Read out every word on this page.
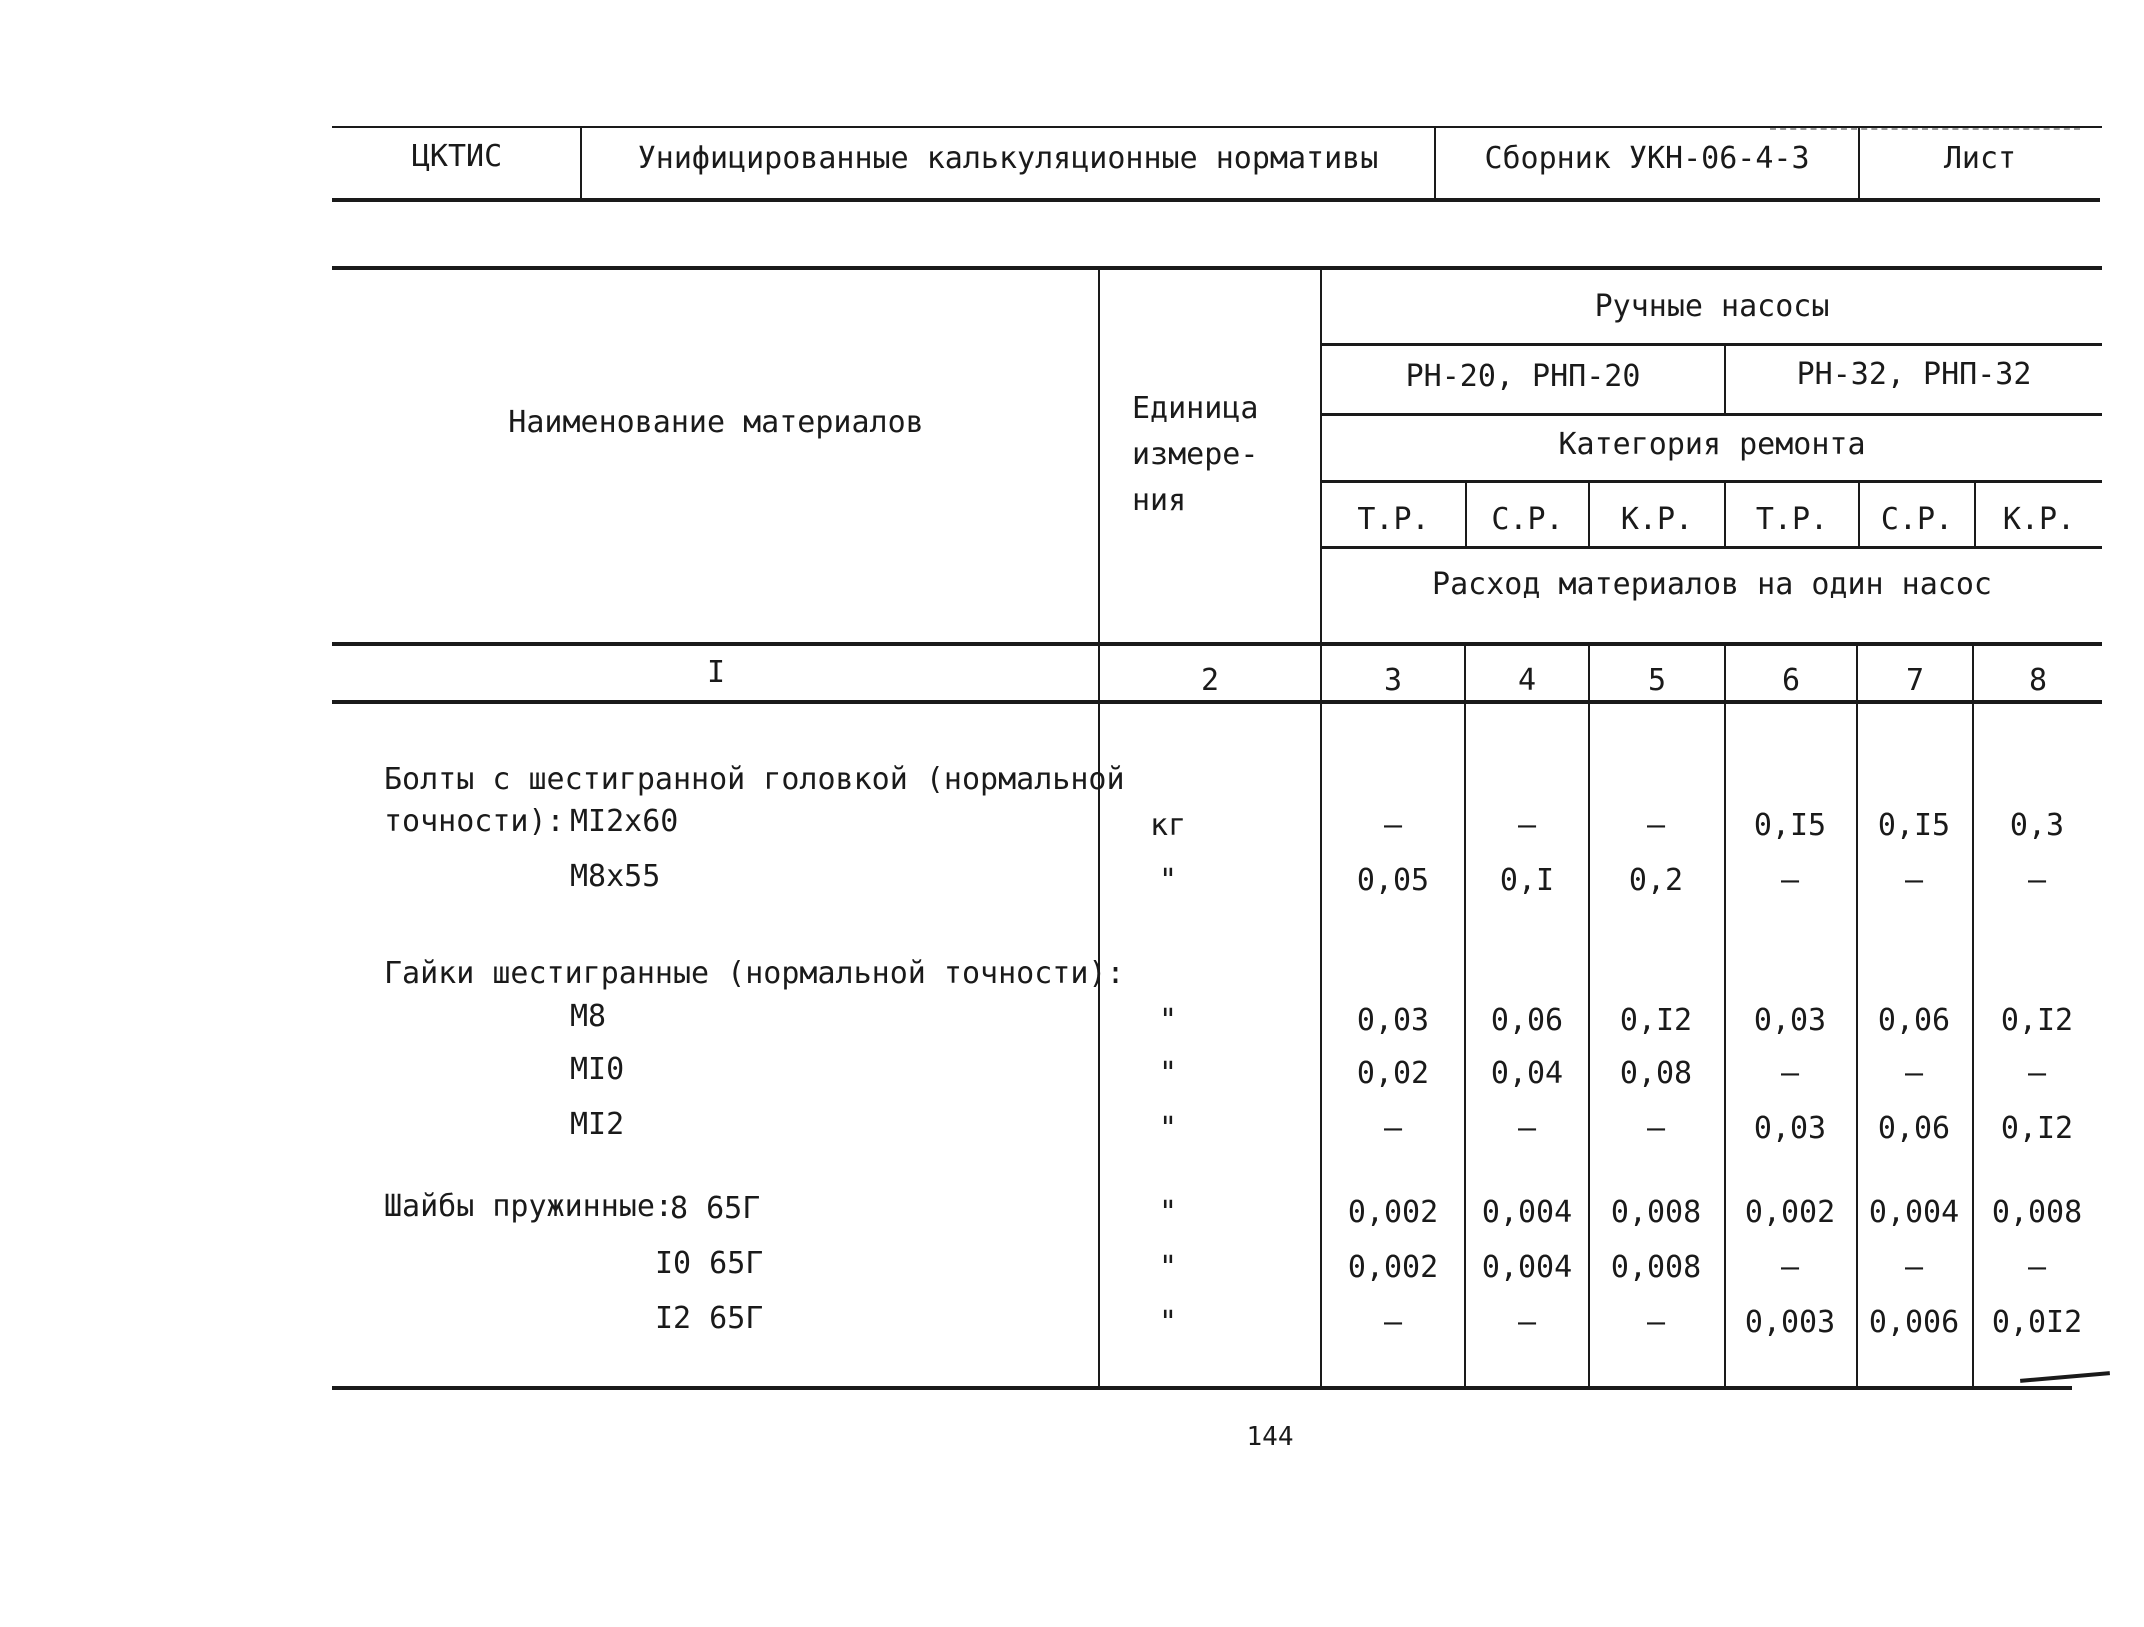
ЦКТИС	Унифицированные калькуляционные нормативы	Сборник УКН-06-4-3	Лист
Наименование материалов	Единица
измере-
ния
Ручные насосы
РН-20, РНП-20	РН-32, РНП-32
Категория ремонта
Т.Р.	С.Р.	К.Р.	Т.Р.	С.Р.	К.Р.
Расход материалов на один насос
I	2	3	4	5	6	7	8
Болты с шестигранной головкой (нормальной
точности):
Гайки шестигранные (нормальной точности):
Шайбы пружинные:
МI2х60	кг	–	–	–	0,I5	0,I5	0,3
М8х55	"	0,05	0,I	0,2	–	–	–
М8	"	0,03	0,06	0,I2	0,03	0,06	0,I2
МI0	"	0,02	0,04	0,08	–	–	–
МI2	"	–	–	–	0,03	0,06	0,I2
8 65Г	"	0,002	0,004	0,008	0,002	0,004	0,008
I0 65Г	"	0,002	0,004	0,008	–	–	–
I2 65Г	"	–	–	–	0,003	0,006	0,0I2
144
